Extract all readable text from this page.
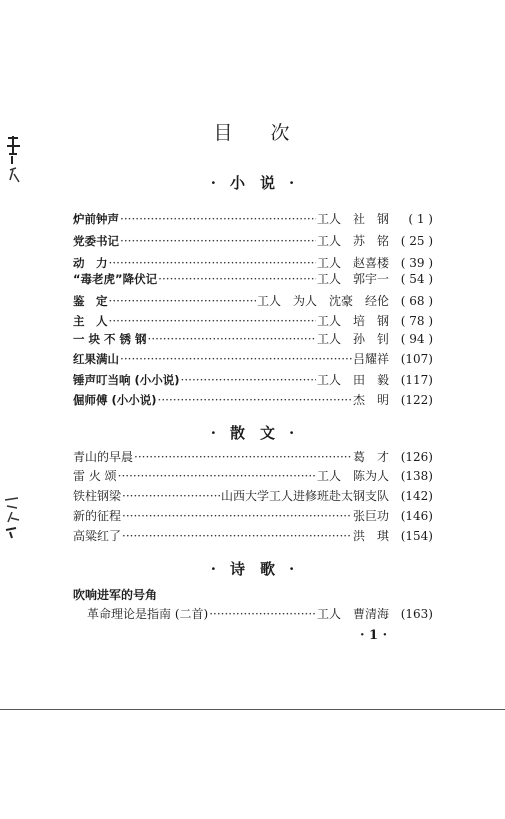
目 次
· 小　说 ·
炉前钟声 ·····	工人　社　钢	( 1 )
党委书记 ·····	工人　苏　铭 ( 25 )
动　力 ·····	工人　赵喜楼 ( 39 )
“毒老虎”降伏记 ·····	工人　郭宇一 ( 54 )
鉴　定 ·····	工人　为人　沈豪　经伦 ( 68 )
主　人 ·····	工人　培　钢 ( 78 )
一 块 不 锈 钢 ·····	工人　孙　钊 ( 94 )
红果满山 ·····	吕耀祥 (107)
锤声叮当响 (小小说) ·····	工人　田　毅 (117)
倔师傅 (小小说) ·····	杰　明 (122)
· 散　文 ·
青山的早晨 ·····	葛　才 (126)
雷 火 颂 ·····	工人　陈为人 (138)
铁柱钢梁 ·····	山西大学工人进修班赴太钢支队 (142)
新的征程 ·····	张巨功 (146)
高粱红了 ·····	洪　琪 (154)
· 诗　歌 ·
吹响进军的号角
革命理论是指南 (二首) ·····	工人　曹清海 (163)
· 1 ·
